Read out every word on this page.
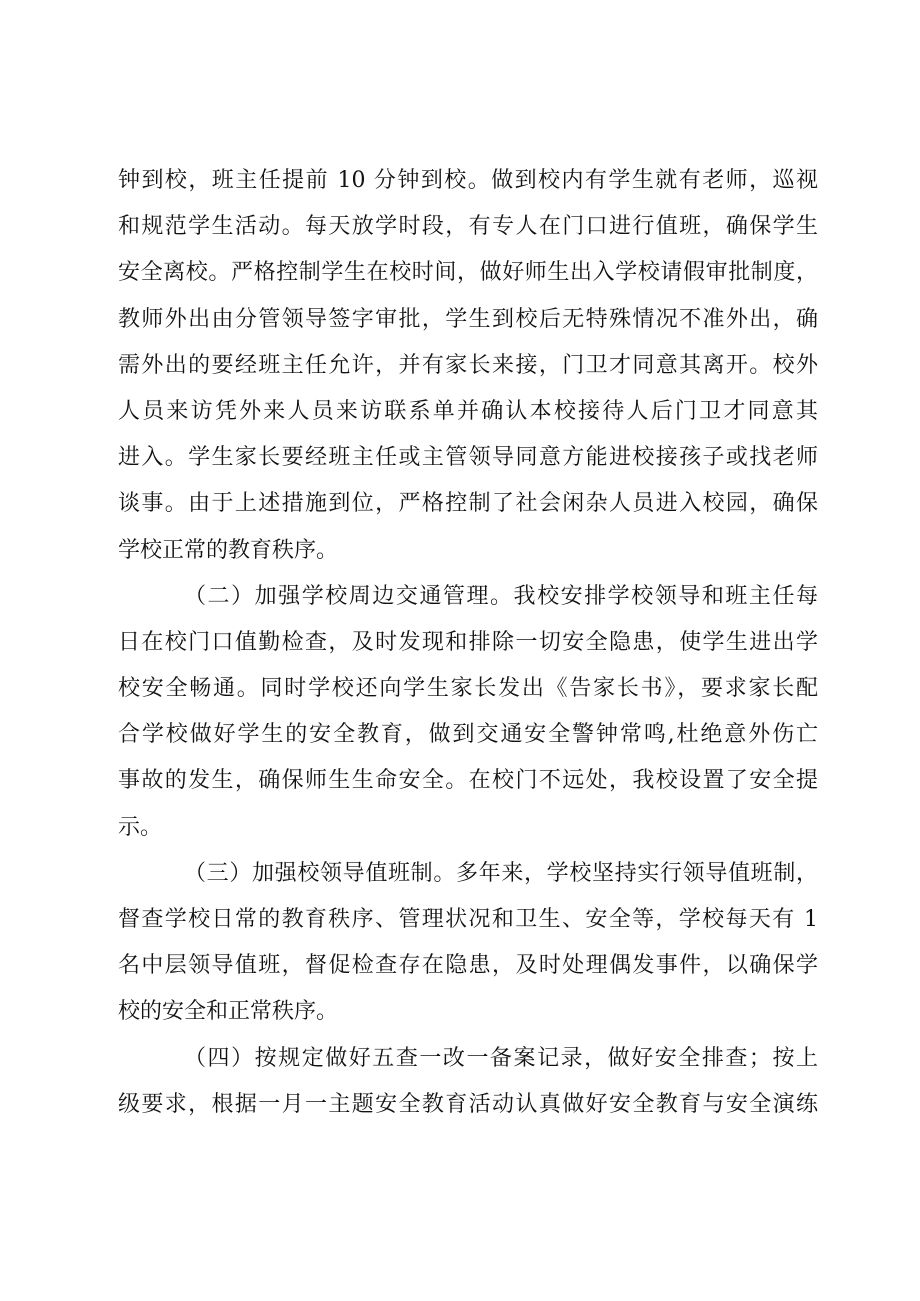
钟到校，班主任提前 10 分钟到校。做到校内有学生就有老师，巡视
和规范学生活动。每天放学时段，有专人在门口进行值班，确保学生
安全离校。严格控制学生在校时间，做好师生出入学校请假审批制度，
教师外出由分管领导签字审批，学生到校后无特殊情况不准外出，确
需外出的要经班主任允许，并有家长来接，门卫才同意其离开。校外
人员来访凭外来人员来访联系单并确认本校接待人后门卫才同意其
进入。学生家长要经班主任或主管领导同意方能进校接孩子或找老师
谈事。由于上述措施到位，严格控制了社会闲杂人员进入校园，确保
学校正常的教育秩序。
（二）加强学校周边交通管理。我校安排学校领导和班主任每
日在校门口值勤检查，及时发现和排除一切安全隐患，使学生进出学
校安全畅通。同时学校还向学生家长发出《告家长书》，要求家长配
合学校做好学生的安全教育，做到交通安全警钟常鸣,杜绝意外伤亡
事故的发生，确保师生生命安全。在校门不远处，我校设置了安全提
示。
（三）加强校领导值班制。多年来，学校坚持实行领导值班制，
督查学校日常的教育秩序、管理状况和卫生、安全等，学校每天有 1
名中层领导值班，督促检查存在隐患，及时处理偶发事件，以确保学
校的安全和正常秩序。
（四）按规定做好五查一改一备案记录，做好安全排查；按上
级要求，根据一月一主题安全教育活动认真做好安全教育与安全演练
